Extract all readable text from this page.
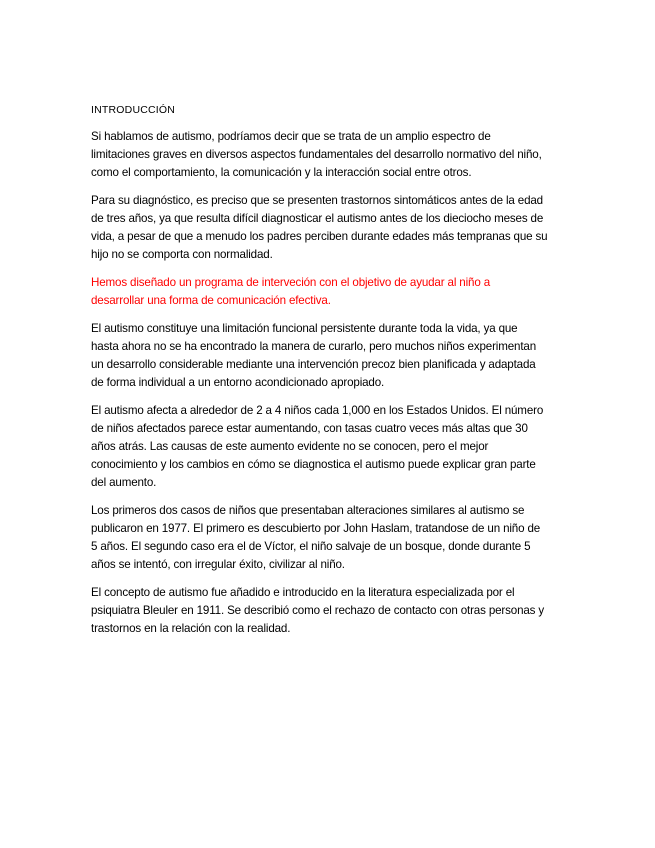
INTRODUCCIÓN

Si hablamos de autismo, podríamos decir que se trata de un amplio espectro de
limitaciones graves en diversos aspectos fundamentales del desarrollo normativo del niño,
como el comportamiento, la comunicación y la interacción social entre otros.

Para su diagnóstico, es preciso que se presenten trastornos sintomáticos antes de la edad
de tres años, ya que resulta difícil diagnosticar el autismo antes de los dieciocho meses de
vida, a pesar de que a menudo los padres perciben durante edades más tempranas que su
hijo no se comporta con normalidad.

Hemos diseñado un programa de interveción con el objetivo de ayudar al niño a
desarrollar una forma de comunicación efectiva.

El autismo constituye una limitación funcional persistente durante toda la vida, ya que
hasta ahora no se ha encontrado la manera de curarlo, pero muchos niños experimentan
un desarrollo considerable mediante una intervención precoz bien planificada y adaptada
de forma individual a un entorno acondicionado apropiado.

El autismo afecta a alrededor de 2 a 4 niños cada 1,000 en los Estados Unidos. El número
de niños afectados parece estar aumentando, con tasas cuatro veces más altas que 30
años atrás. Las causas de este aumento evidente no se conocen, pero el mejor
conocimiento y los cambios en cómo se diagnostica el autismo puede explicar gran parte
del aumento.

Los primeros dos casos de niños que presentaban alteraciones similares al autismo se
publicaron en 1977. El primero es descubierto por John Haslam, tratandose de un niño de
5 años. El segundo caso era el de Víctor, el niño salvaje de un bosque, donde durante 5
años se intentó, con irregular éxito, civilizar al niño.

El concepto de autismo fue añadido e introducido en la literatura especializada por el
psiquiatra Bleuler en 1911. Se describió como el rechazo de contacto con otras personas y
trastornos en la relación con la realidad.
